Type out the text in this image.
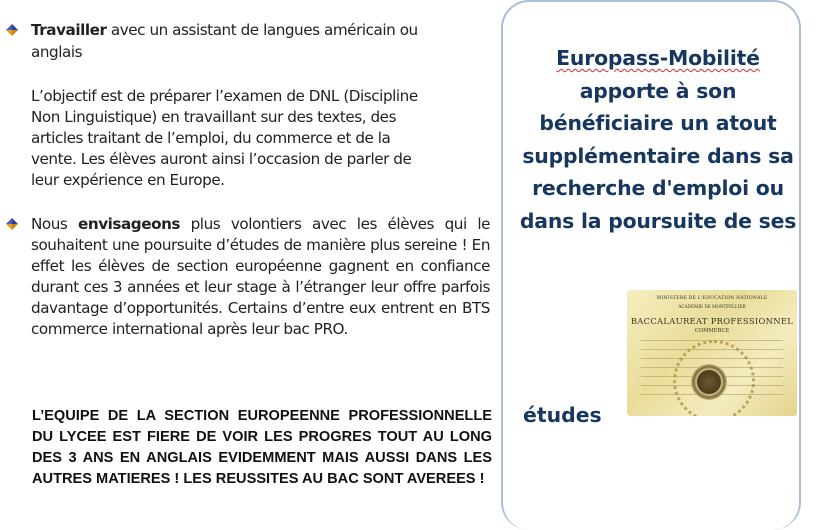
Travailler avec un assistant de langues américain ou

anglais

L’objectif est de préparer l’examen de DNL (Discipline

Non Linguistique) en travaillant sur des textes, des

articles traitant de l’emploi, du commerce et de la

vente. Les élèves auront ainsi l’occasion de parler de

leur expérience en Europe.

Nous envisageons plus volontiers avec les élèves qui le souhaitent une poursuite d’études de manière plus sereine ! En effet les élèves de section européenne gagnent en confiance durant ces 3 années et leur stage à l’étranger leur offre parfois davantage d’opportunités. Certains d’entre eux entrent en BTS commerce international après leur bac PRO.

L’EQUIPE DE LA SECTION EUROPEENNE PROFESSIONNELLE DU LYCEE EST FIERE DE VOIR LES PROGRES TOUT AU LONG DES 3 ANS EN ANGLAIS EVIDEMMENT MAIS AUSSI DANS LES AUTRES MATIERES ! LES REUSSITES AU BAC SONT AVEREES !
Europass-Mobilité
apporte à son bénéficiaire un atout supplémentaire dans sa recherche d'emploi ou dans la poursuite de ses
MINISTERE DE L'EDUCATION NATIONALE
ACADEMIE DE MONTPELLIER
BACCALAUREAT PROFESSIONNEL
COMMERCE
études
